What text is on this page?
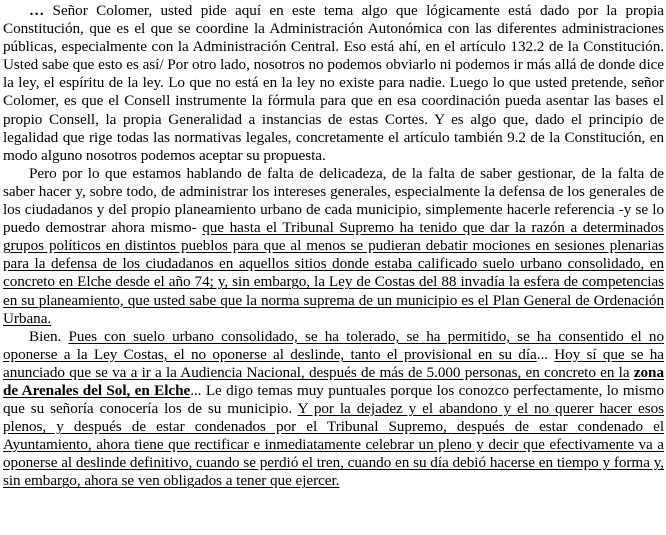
… Señor Colomer, usted pide aquí en este tema algo que lógicamente está dado por la propia Constitución, que es el que se coordine la Administración Autonómica con las diferentes administraciones públicas, especialmente con la Administración Central. Eso está ahí, en el artículo 132.2 de la Constitución. Usted sabe que esto es así/ Por otro lado, nosotros no podemos obviarlo ni podemos ir más allá de donde dice la ley, el espíritu de la ley. Lo que no está en la ley no existe para nadie. Luego lo que usted pretende, señor Colomer, es que el Consell instrumente la fórmula para que en esa coordinación pueda asentar las bases el propio Consell, la propia Generalidad a instancias de estas Cortes. Y es algo que, dado el principio de legalidad que rige todas las normativas legales, concretamente el artículo también 9.2 de la Constitución, en modo alguno nosotros podemos aceptar su propuesta.

Pero por lo que estamos hablando de falta de delicadeza, de la falta de saber gestionar, de la falta de saber hacer y, sobre todo, de administrar los intereses generales, especialmente la defensa de los generales de los ciudadanos y del propio planeamiento urbano de cada municipio, simplemente hacerle referencia -y se lo puedo demostrar ahora mismo- que hasta el Tribunal Supremo ha tenido que dar la razón a determinados grupos políticos en distintos pueblos para que al menos se pudieran debatir mociones en sesiones plenarias para la defensa de los ciudadanos en aquellos sitios donde estaba calificado suelo urbano consolidado, en concreto en Elche desde el año 74; y, sin embargo, la Ley de Costas del 88 invadía la esfera de competencias en su planeamiento, que usted sabe que la norma suprema de un municipio es el Plan General de Ordenación Urbana.

Bien. Pues con suelo urbano consolidado, se ha tolerado, se ha permitido, se ha consentido el no oponerse a la Ley Costas, el no oponerse al deslinde, tanto el provisional en su día... Hoy sí que se ha anunciado que se va a ir a la Audiencia Nacional, después de más de 5.000 personas, en concreto en la zona de Arenales del Sol, en Elche... Le digo temas muy puntuales porque los conozco perfectamente, lo mismo que su señoría conocería los de su municipio. Y por la dejadez y el abandono y el no querer hacer esos plenos, y después de estar condenados por el Tribunal Supremo, después de estar condenado el Ayuntamiento, ahora tiene que rectificar e inmediatamente celebrar un pleno y decir que efectivamente va a oponerse al deslinde definitivo, cuando se perdió el tren, cuando en su día debió hacerse en tiempo y forma y, sin embargo, ahora se ven obligados a tener que ejercer.
